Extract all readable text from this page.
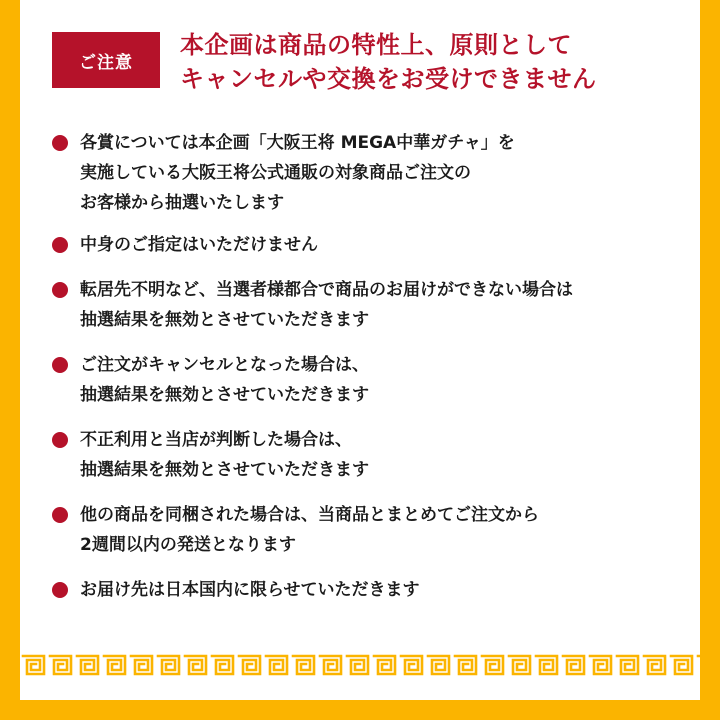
ご注意
本企画は商品の特性上、原則として
キャンセルや交換をお受けできません
各賞については本企画「大阪王将 MEGA中華ガチャ」を
実施している大阪王将公式通販の対象商品ご注文の
お客様から抽選いたします
中身のご指定はいただけません
転居先不明など、当選者様都合で商品のお届けができない場合は
抽選結果を無効とさせていただきます
ご注文がキャンセルとなった場合は、
抽選結果を無効とさせていただきます
不正利用と当店が判断した場合は、
抽選結果を無効とさせていただきます
他の商品を同梱された場合は、当商品とまとめてご注文から
2週間以内の発送となります
お届け先は日本国内に限らせていただきます
